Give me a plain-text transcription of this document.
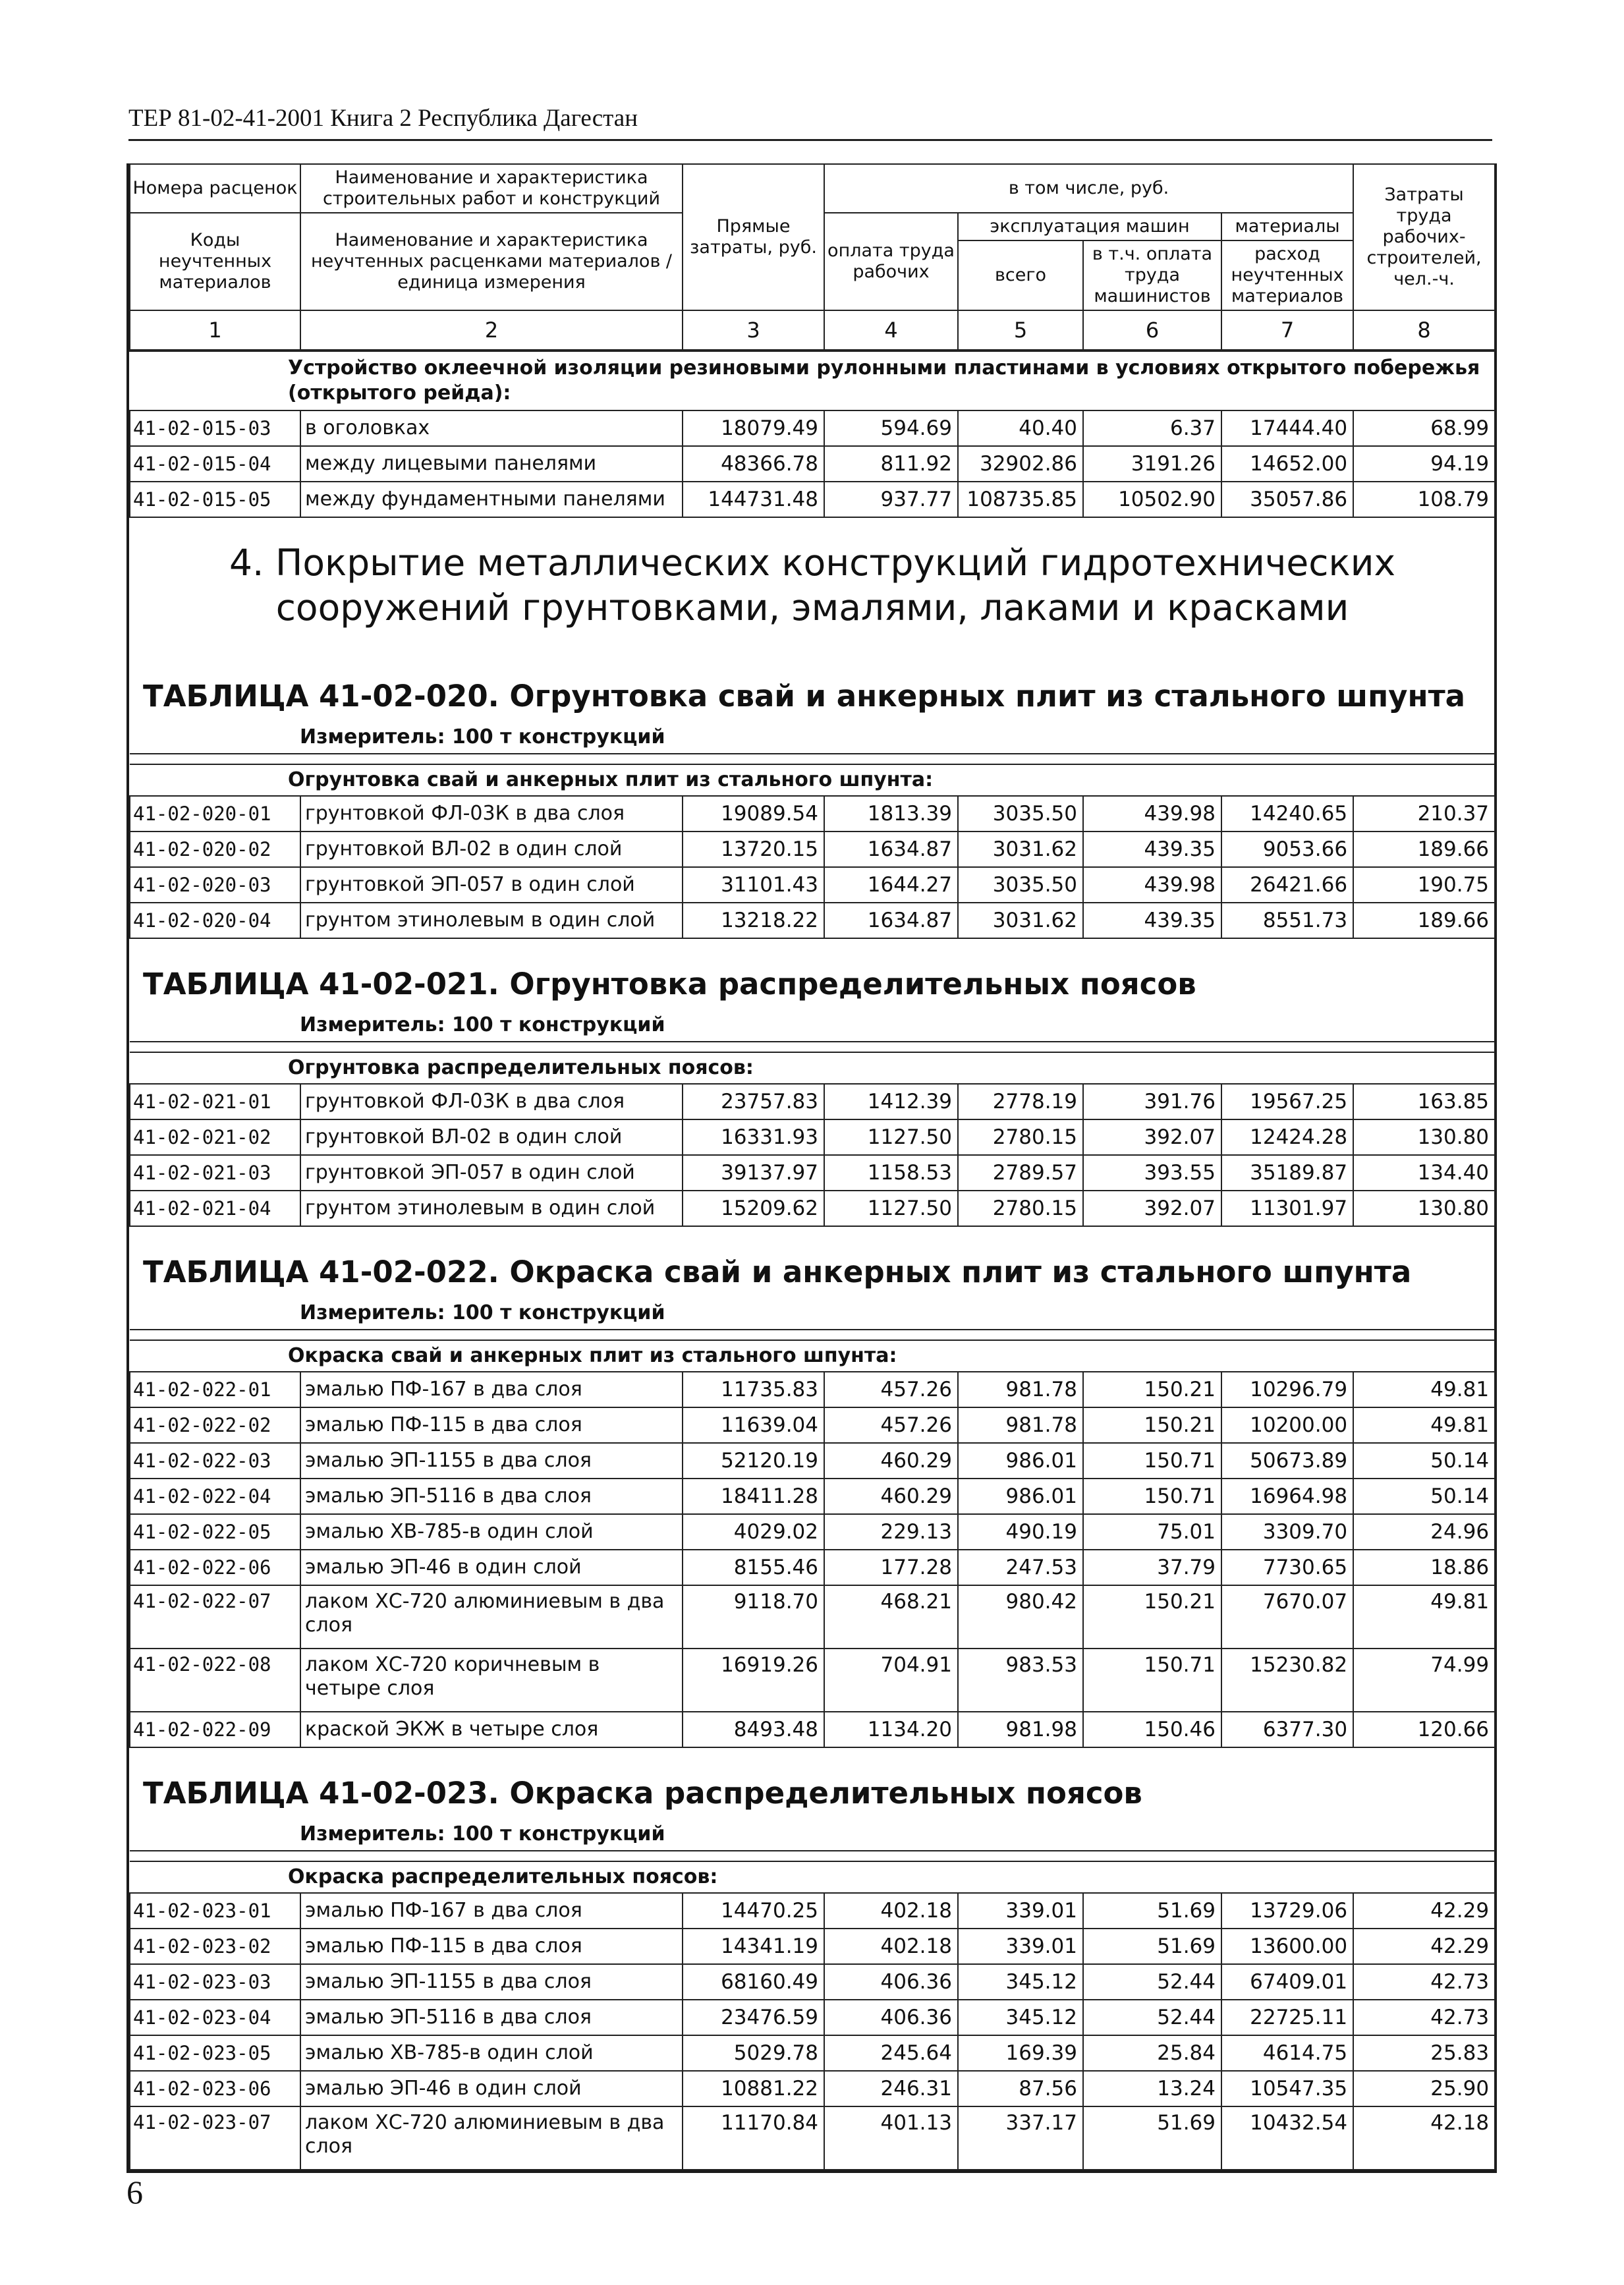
ТЕР 81-02-41-2001 Книга 2 Республика Дагестан
Номера расценок	Наименование и характеристика строительных работ и конструкций	Прямые затраты, руб.	в том числе, руб.				Затраты труда рабочих-строителей, чел.-ч.
Коды неучтенных материалов	Наименование и характеристика неучтенных расценками материалов / единица измерения		оплата труда рабочих	эксплуатация машин		материалы	
				всего	в т.ч. оплата труда машинистов	расход неучтенных материалов	
1	2	3	4	5	6	7	8
Устройство оклеечной изоляции резиновыми рулонными пластинами в условиях открытого побережья (открытого рейда):							
41-02-015-03	в оголовках	18079.49	594.69	40.40	6.37	17444.40	68.99
41-02-015-04	между лицевыми панелями	48366.78	811.92	32902.86	3191.26	14652.00	94.19
41-02-015-05	между фундаментными панелями	144731.48	937.77	108735.85	10502.90	35057.86	108.79

4. Покрытие металлических конструкций гидротехнических сооружений грунтовками, эмалями, лаками и красками							

ТАБЛИЦА 41-02-020. Огрунтовка свай и анкерных плит из стального шпунта							
Измеритель: 100 т конструкций							

Огрунтовка свай и анкерных плит из стального шпунта:							
41-02-020-01	грунтовкой ФЛ-03К в два слоя	19089.54	1813.39	3035.50	439.98	14240.65	210.37
41-02-020-02	грунтовкой ВЛ-02 в один слой	13720.15	1634.87	3031.62	439.35	9053.66	189.66
41-02-020-03	грунтовкой ЭП-057 в один слой	31101.43	1644.27	3035.50	439.98	26421.66	190.75
41-02-020-04	грунтом этинолевым в один слой	13218.22	1634.87	3031.62	439.35	8551.73	189.66
ТАБЛИЦА 41-02-021. Огрунтовка распределительных поясов							
Измеритель: 100 т конструкций							

Огрунтовка распределительных поясов:							
41-02-021-01	грунтовкой ФЛ-03К в два слоя	23757.83	1412.39	2778.19	391.76	19567.25	163.85
41-02-021-02	грунтовкой ВЛ-02 в один слой	16331.93	1127.50	2780.15	392.07	12424.28	130.80
41-02-021-03	грунтовкой ЭП-057 в один слой	39137.97	1158.53	2789.57	393.55	35189.87	134.40
41-02-021-04	грунтом этинолевым в один слой	15209.62	1127.50	2780.15	392.07	11301.97	130.80
ТАБЛИЦА 41-02-022. Окраска свай и анкерных плит из стального шпунта							
Измеритель: 100 т конструкций							

Окраска свай и анкерных плит из стального шпунта:							
41-02-022-01	эмалью ПФ-167 в два слоя	11735.83	457.26	981.78	150.21	10296.79	49.81
41-02-022-02	эмалью ПФ-115 в два слоя	11639.04	457.26	981.78	150.21	10200.00	49.81
41-02-022-03	эмалью ЭП-1155 в два слоя	52120.19	460.29	986.01	150.71	50673.89	50.14
41-02-022-04	эмалью ЭП-5116 в два слоя	18411.28	460.29	986.01	150.71	16964.98	50.14
41-02-022-05	эмалью ХВ-785-в один слой	4029.02	229.13	490.19	75.01	3309.70	24.96
41-02-022-06	эмалью ЭП-46 в один слой	8155.46	177.28	247.53	37.79	7730.65	18.86
41-02-022-07	лаком ХС-720 алюминиевым в два слоя	9118.70	468.21	980.42	150.21	7670.07	49.81
41-02-022-08	лаком ХС-720 коричневым в четыре слоя	16919.26	704.91	983.53	150.71	15230.82	74.99
41-02-022-09	краской ЭКЖ в четыре слоя	8493.48	1134.20	981.98	150.46	6377.30	120.66
ТАБЛИЦА 41-02-023. Окраска распределительных поясов							
Измеритель: 100 т конструкций							

Окраска распределительных поясов:							
41-02-023-01	эмалью ПФ-167 в два слоя	14470.25	402.18	339.01	51.69	13729.06	42.29
41-02-023-02	эмалью ПФ-115 в два слоя	14341.19	402.18	339.01	51.69	13600.00	42.29
41-02-023-03	эмалью ЭП-1155 в два слоя	68160.49	406.36	345.12	52.44	67409.01	42.73
41-02-023-04	эмалью ЭП-5116 в два слоя	23476.59	406.36	345.12	52.44	22725.11	42.73
41-02-023-05	эмалью ХВ-785-в один слой	5029.78	245.64	169.39	25.84	4614.75	25.83
41-02-023-06	эмалью ЭП-46 в один слой	10881.22	246.31	87.56	13.24	10547.35	25.90
41-02-023-07	лаком ХС-720 алюминиевым в два слоя	11170.84	401.13	337.17	51.69	10432.54	42.18
6
